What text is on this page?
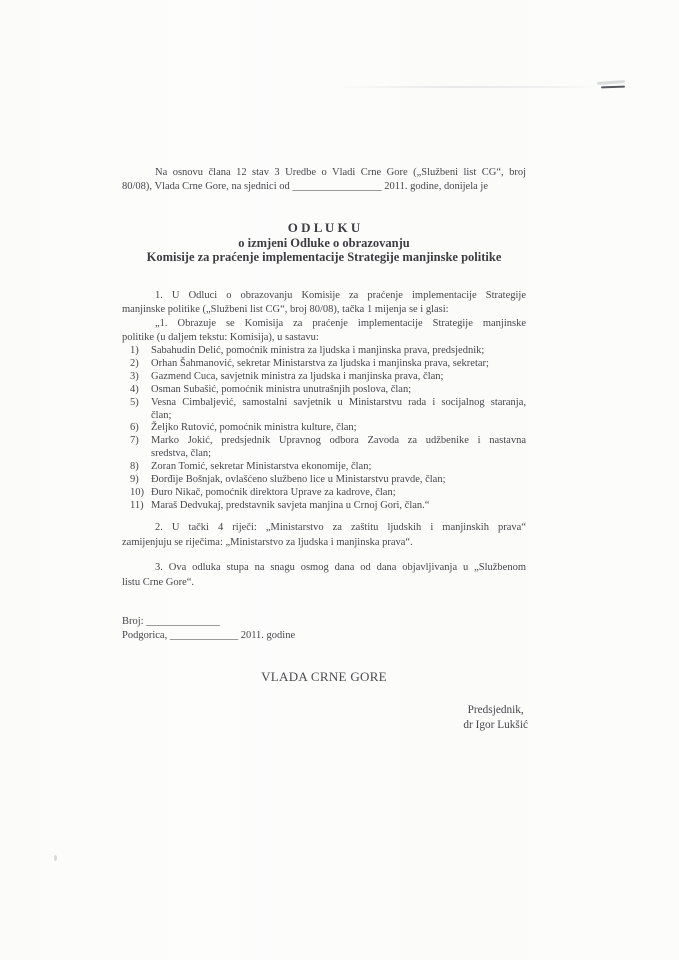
Na osnovu člana 12 stav 3 Uredbe o Vladi Crne Gore („Službeni list CG“, broj
80/08), Vlada Crne Gore, na sjednici od _________________ 2011. godine, donijela je
O D L U K U
o izmjeni Odluke o obrazovanju
Komisije za praćenje implementacije Strategije manjinske politike
1. U Odluci o obrazovanju Komisije za praćenje implementacije Strategije
manjinske politike („Službeni list CG“, broj 80/08), tačka 1 mijenja se i glasi:
„1. Obrazuje se Komisija za praćenje implementacije Strategije manjinske
politike (u daljem tekstu: Komisija), u sastavu:
1)	Sabahudin Delić, pomoćnik ministra za ljudska i manjinska prava, predsjednik;
2)	Orhan Šahmanović, sekretar Ministarstva za ljudska i manjinska prava, sekretar;
3)	Gazmend Cuca, savjetnik ministra za ljudska i manjinska prava, član;
4)	Osman Subašić, pomoćnik ministra unutrašnjih poslova, član;
5)	Vesna Cimbaljević, samostalni savjetnik u Ministarstvu rada i socijalnog staranja,
član;
6)	Željko Rutović, pomoćnik ministra kulture, član;
7)	Marko Jokić, predsjednik Upravnog odbora Zavoda za udžbenike i nastavna
sredstva, član;
8)	Zoran Tomić, sekretar Ministarstva ekonomije, član;
9)	Đorđije Bošnjak, ovlašćeno službeno lice u Ministarstvu pravde, član;
10) Đuro Nikač, pomoćnik direktora Uprave za kadrove, član;
11) Maraš Dedvukaj, predstavnik savjeta manjina u Crnoj Gori, član.“
2. U tački 4 riječi: „Ministarstvo za zaštitu ljudskih i manjinskih prava“
zamijenjuju se riječima: „Ministarstvo za ljudska i manjinska prava“.
3. Ova odluka stupa na snagu osmog dana od dana objavljivanja u „Službenom
listu Crne Gore“.
Broj: ______________
Podgorica, _____________ 2011. godine
VLADA CRNE GORE
Predsjednik,
dr Igor Lukšić
